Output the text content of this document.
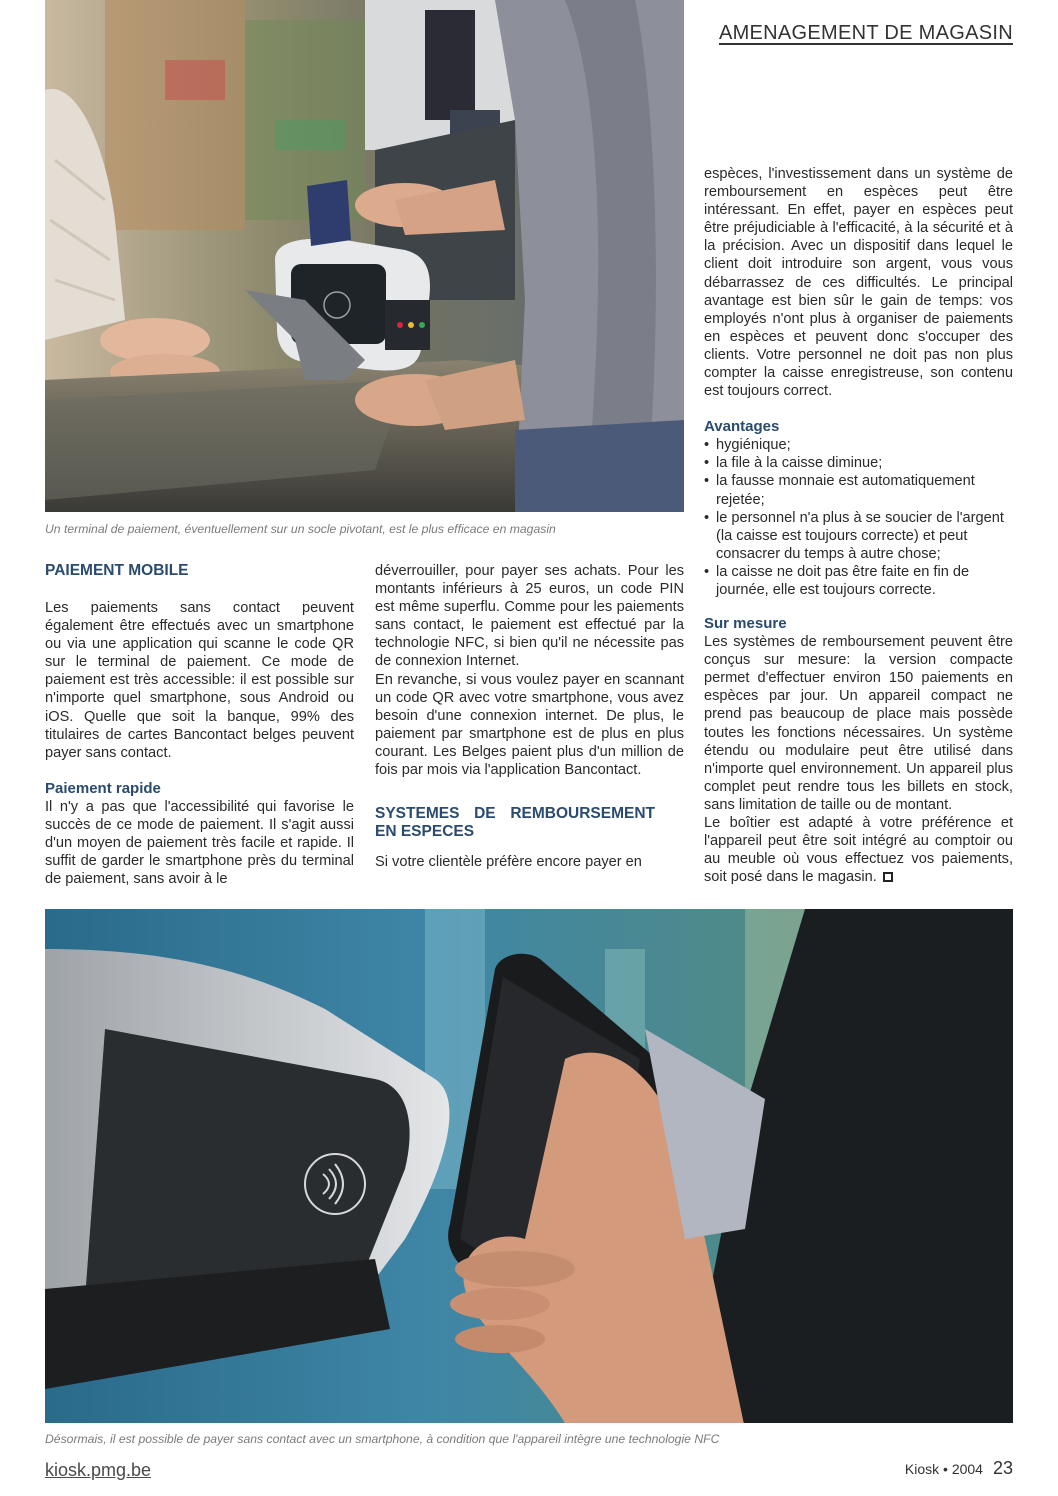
AMENAGEMENT DE MAGASIN
Un terminal de paiement, éventuellement sur un socle pivotant, est le plus efficace en magasin
PAIEMENT MOBILE

Les paiements sans contact peuvent également être effectués avec un smartphone ou via une application qui scanne le code QR sur le terminal de paiement. Ce mode de paiement est très accessible: il est possible sur n'importe quel smartphone, sous Android ou iOS. Quelle que soit la banque, 99% des titulaires de cartes Bancontact belges peuvent payer sans contact.

Paiement rapide

Il n'y a pas que l'accessibilité qui favorise le succès de ce mode de paiement. Il s'agit aussi d'un moyen de paiement très facile et rapide. Il suffit de garder le smartphone près du terminal de paiement, sans avoir à le

déverrouiller, pour payer ses achats. Pour les montants inférieurs à 25 euros, un code PIN est même superflu. Comme pour les paiements sans contact, le paiement est effectué par la technologie NFC, si bien qu'il ne nécessite pas de connexion Internet.

En revanche, si vous voulez payer en scannant un code QR avec votre smartphone, vous avez besoin d'une connexion internet. De plus, le paiement par smartphone est de plus en plus courant. Les Belges paient plus d'un million de fois par mois via l'application Bancontact.

SYSTEMES DE REMBOURSEMENT EN ESPECES

Si votre clientèle préfère encore payer en

espèces, l'investissement dans un système de remboursement en espèces peut être intéressant. En effet, payer en espèces peut être préjudiciable à l'efficacité, à la sécurité et à la précision. Avec un dispositif dans lequel le client doit introduire son argent, vous vous débarrassez de ces difficultés. Le principal avantage est bien sûr le gain de temps: vos employés n'ont plus à organiser de paiements en espèces et peuvent donc s'occuper des clients. Votre personnel ne doit pas non plus compter la caisse enregistreuse, son contenu est toujours correct.

Avantages
• hygiénique;
• la file à la caisse diminue;
• la fausse monnaie est automatiquement rejetée;
• le personnel n'a plus à se soucier de l'argent (la caisse est toujours correcte) et peut consacrer du temps à autre chose;
• la caisse ne doit pas être faite en fin de journée, elle est toujours correcte.
Sur mesure

Les systèmes de remboursement peuvent être conçus sur mesure: la version compacte permet d'effectuer environ 150 paiements en espèces par jour. Un appareil compact ne prend pas beaucoup de place mais possède toutes les fonctions nécessaires. Un système étendu ou modulaire peut être utilisé dans n'importe quel environnement. Un appareil plus complet peut rendre tous les billets en stock, sans limitation de taille ou de montant.

Le boîtier est adapté à votre préférence et l'appareil peut être soit intégré au comptoir ou au meuble où vous effectuez vos paiements, soit posé dans le magasin.

Désormais, il est possible de payer sans contact avec un smartphone, à condition que l'appareil intègre une technologie NFC
kiosk.pmg.be	Kiosk • 2004 23
